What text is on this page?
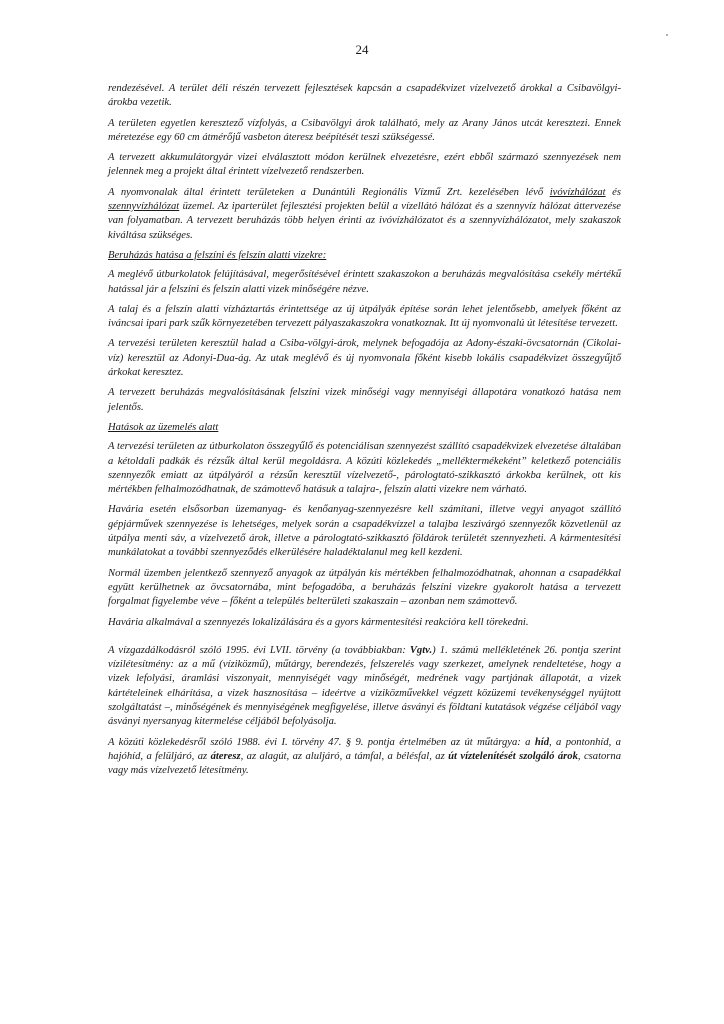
24

rendezésével. A terület déli részén tervezett fejlesztések kapcsán a csapadékvizet vízelvezető árokkal a Csibavölgyi-árokba vezetik.

A területen egyetlen keresztező vízfolyás, a Csibavölgyi árok található, mely az Arany János utcát keresztezi. Ennek méretezése egy 60 cm átmérőjű vasbeton áteresz beépítését teszi szükségessé.

A tervezett akkumulátorgyár vizei elválasztott módon kerülnek elvezetésre, ezért ebből származó szennyezések nem jelennek meg a projekt által érintett vízelvezető rendszerben.

A nyomvonalak által érintett területeken a Dunántúli Regionális Vízmű Zrt. kezelésében lévő ivóvízhálózat és szennyvízhálózat üzemel. Az iparterület fejlesztési projekten belül a vízellátó hálózat és a szennyvíz hálózat áttervezése van folyamatban. A tervezett beruházás több helyen érinti az ivóvízhálózatot és a szennyvízhálózatot, mely szakaszok kiváltása szükséges.

Beruházás hatása a felszíni és felszín alatti vizekre:

A meglévő útburkolatok felújításával, megerősítésével érintett szakaszokon a beruházás megvalósítása csekély mértékű hatással jár a felszíni és felszín alatti vizek minőségére nézve.

A talaj és a felszín alatti vízháztartás érintettsége az új útpályák építése során lehet jelentősebb, amelyek főként az iváncsai ipari park szűk környezetében tervezett pályaszakaszokra vonatkoznak. Itt új nyomvonalú út létesítése tervezett.

A tervezési területen keresztül halad a Csiba-völgyi-árok, melynek befogadója az Adony-északi-övcsatornán (Cikolai-víz) keresztül az Adonyi-Dua-ág. Az utak meglévő és új nyomvonala főként kisebb lokális csapadékvizet összegyűjtő árkokat keresztez.

A tervezett beruházás megvalósításának felszíni vizek minőségi vagy mennyiségi állapotára vonatkozó hatása nem jelentős.

Hatások az üzemelés alatt

A tervezési területen az útburkolaton összegyűlő és potenciálisan szennyezést szállító csapadékvizek elvezetése általában a kétoldali padkák és rézsűk által kerül megoldásra. A közúti közlekedés „melléktermékeként” keletkező potenciális szennyezők emiatt az útpályáról a rézsűn keresztül vízelvezető-, párologtató-szikkasztó árkokba kerülnek, ott kis mértékben felhalmozódhatnak, de számottevő hatásuk a talajra-, felszín alatti vizekre nem várható.

Havária esetén elsősorban üzemanyag- és kenőanyag-szennyezésre kell számítani, illetve vegyi anyagot szállító gépjárművek szennyezése is lehetséges, melyek során a csapadékvízzel a talajba leszivárgó szennyezők közvetlenül az útpálya menti sáv, a vízelvezető árok, illetve a párologtató-szikkasztó földárok területét szennyezheti. A kármentesítési munkálatokat a további szennyeződés elkerülésére haladéktalanul meg kell kezdeni.

Normál üzemben jelentkező szennyező anyagok az útpályán kis mértékben felhalmozódhatnak, ahonnan a csapadékkal együtt kerülhetnek az övcsatornába, mint befogadóba, a beruházás felszíni vizekre gyakorolt hatása a tervezett forgalmat figyelembe véve – főként a település belterületi szakaszain – azonban nem számottevő.

Havária alkalmával a szennyezés lokalizálására és a gyors kármentesítési reakcióra kell törekedni.

A vízgazdálkodásról szóló 1995. évi LVII. törvény (a továbbiakban: Vgtv.) 1. számú mellékletének 26. pontja szerint vízilétesítmény: az a mű (víziközmű), műtárgy, berendezés, felszerelés vagy szerkezet, amelynek rendeltetése, hogy a vizek lefolyási, áramlási viszonyait, mennyiségét vagy minőségét, medrének vagy partjának állapotát, a vizek kártételeinek elhárítása, a vizek hasznosítása – ideértve a víziközművekkel végzett közüzemi tevékenységgel nyújtott szolgáltatást –, minőségének és mennyiségének megfigyelése, illetve ásványi és földtani kutatások végzése céljából vagy ásványi nyersanyag kitermelése céljából befolyásolja.

A közúti közlekedésről szóló 1988. évi I. törvény 47. § 9. pontja értelmében az út műtárgya: a híd, a pontonhíd, a hajóhíd, a felüljáró, az áteresz, az alagút, az aluljáró, a támfal, a bélésfal, az út víztelenítését szolgáló árok, csatorna vagy más vízelvezető létesítmény.
